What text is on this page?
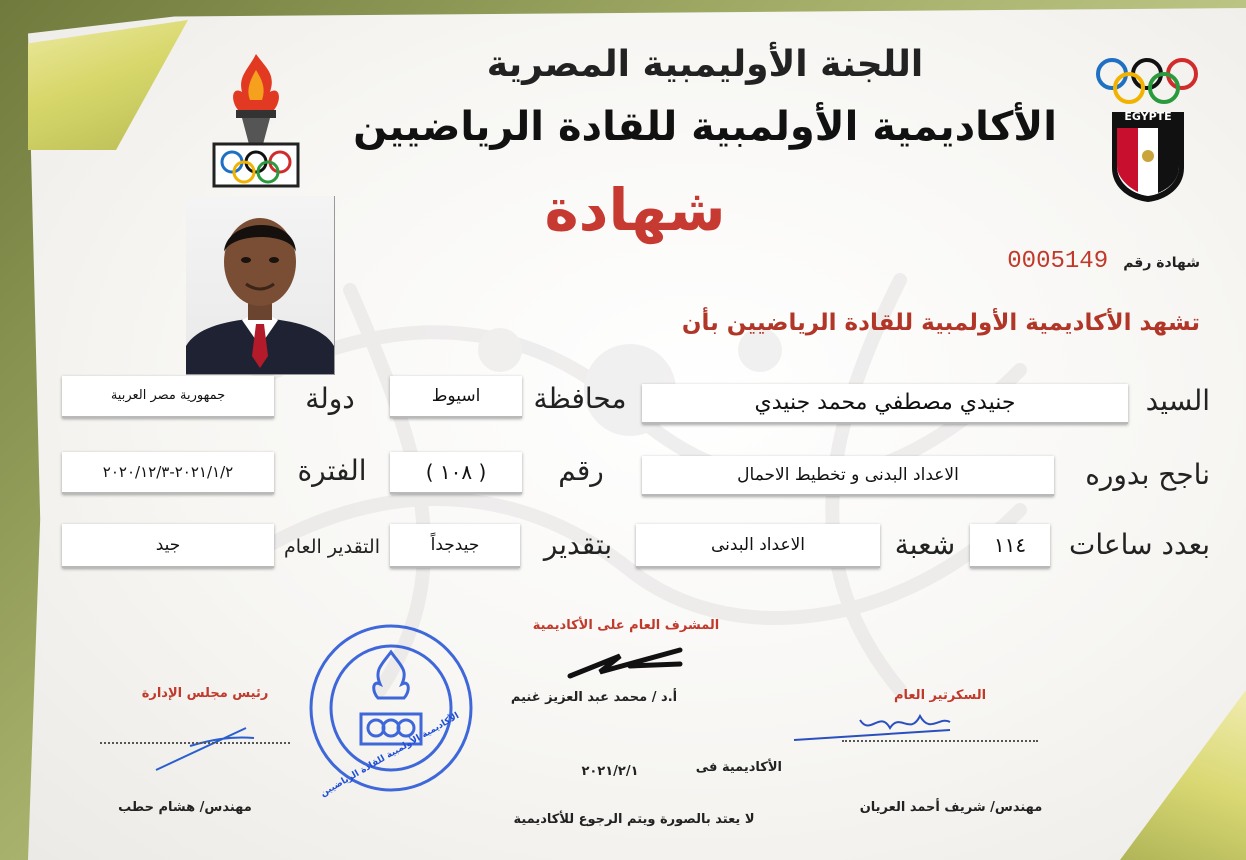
EGYPTE

اللجنة الأوليمبية المصرية

الأكاديمية الأولمبية للقادة الرياضيين

شهادة

شهادة رقم 0005149

تشهد الأكاديمية الأولمبية للقادة الرياضيين بأن

السيد

جنيدي مصطفي محمد جنيدي

محافظة

اسيوط

دولة

جمهورية مصر العربية

ناجح بدوره

الاعداد البدنى و تخطيط الاحمال

رقم

( ١٠٨ )

الفترة

٢٠٢١/١/٢-٢٠٢٠/١٢/٣

بعدد ساعات

١١٤

شعبة

الاعداد البدنى

بتقدير

جيدجداً

التقدير العام

جيد

الأكاديمية الأولمبية للقادة الرياضيين

المشرف العام على الأكاديمية

أ.د / محمد عبد العزيز غنيم

رئيس مجلس الإدارة

مهندس/ هشام حطب

السكرتير العام

مهندس/ شريف أحمد العريان

الأكاديمية فى

٢٠٢١/٢/١

لا يعتد بالصورة ويتم الرجوع للأكاديمية
